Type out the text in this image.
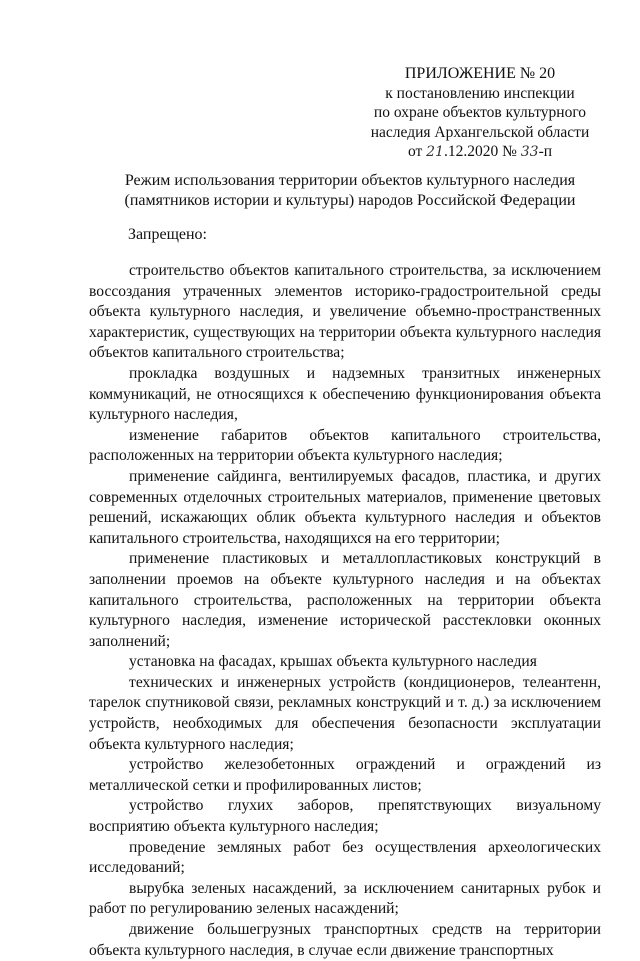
ПРИЛОЖЕНИЕ № 20
к постановлению инспекции
по охране объектов культурного
наследия Архангельской области
от 21.12.2020 № 33-п
Режим использования территории объектов культурного наследия
(памятников истории и культуры) народов Российской Федерации
Запрещено:

строительство объектов капитального строительства, за исключением воссоздания утраченных элементов историко-градостроительной среды объекта культурного наследия, и увеличение объемно-пространственных характеристик, существующих на территории объекта культурного наследия объектов капитального строительства;

прокладка воздушных и надземных транзитных инженерных коммуникаций, не относящихся к обеспечению функционирования объекта культурного наследия,

изменение габаритов объектов капитального строительства, расположенных на территории объекта культурного наследия;

применение сайдинга, вентилируемых фасадов, пластика, и других современных отделочных строительных материалов, применение цветовых решений, искажающих облик объекта культурного наследия и объектов капитального строительства, находящихся на его территории;

применение пластиковых и металлопластиковых конструкций в заполнении проемов на объекте культурного наследия и на объектах капитального строительства, расположенных на территории объекта культурного наследия, изменение исторической расстекловки оконных заполнений;

установка на фасадах, крышах объекта культурного наследия

технических и инженерных устройств (кондиционеров, телеантенн, тарелок спутниковой связи, рекламных конструкций и т. д.) за исключением устройств, необходимых для обеспечения безопасности эксплуатации объекта культурного наследия;

устройство железобетонных ограждений и ограждений из металлической сетки и профилированных листов;

устройство глухих заборов, препятствующих визуальному восприятию объекта культурного наследия;

проведение земляных работ без осуществления археологических исследований;

вырубка зеленых насаждений, за исключением санитарных рубок и работ по регулированию зеленых насаждений;

движение большегрузных транспортных средств на территории объекта культурного наследия, в случае если движение транспортных
